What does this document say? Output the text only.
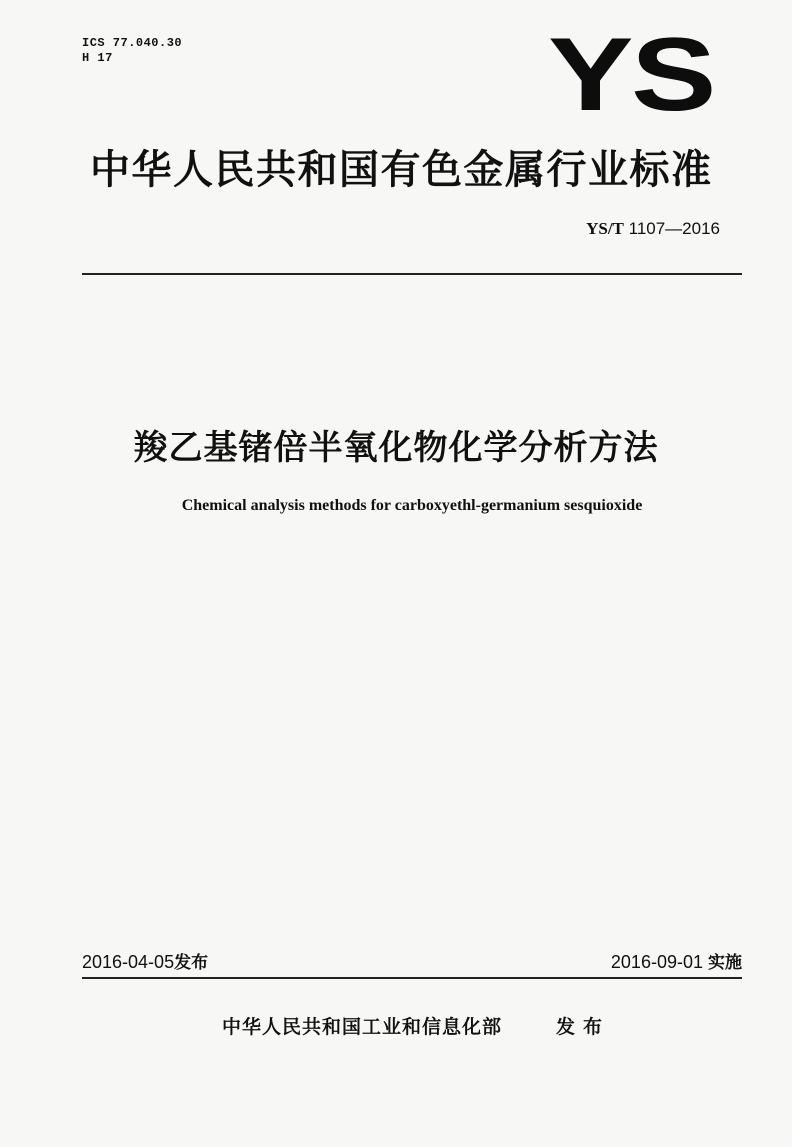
ICS 77.040.30
H 17	YS
中华人民共和国有色金属行业标准
YS/T 1107—2016
羧乙基锗倍半氧化物化学分析方法
Chemical analysis methods for carboxyethl-germanium sesquioxide
2016-04-05发布	2016-09-01 实施
中华人民共和国工业和信息化部	发布
